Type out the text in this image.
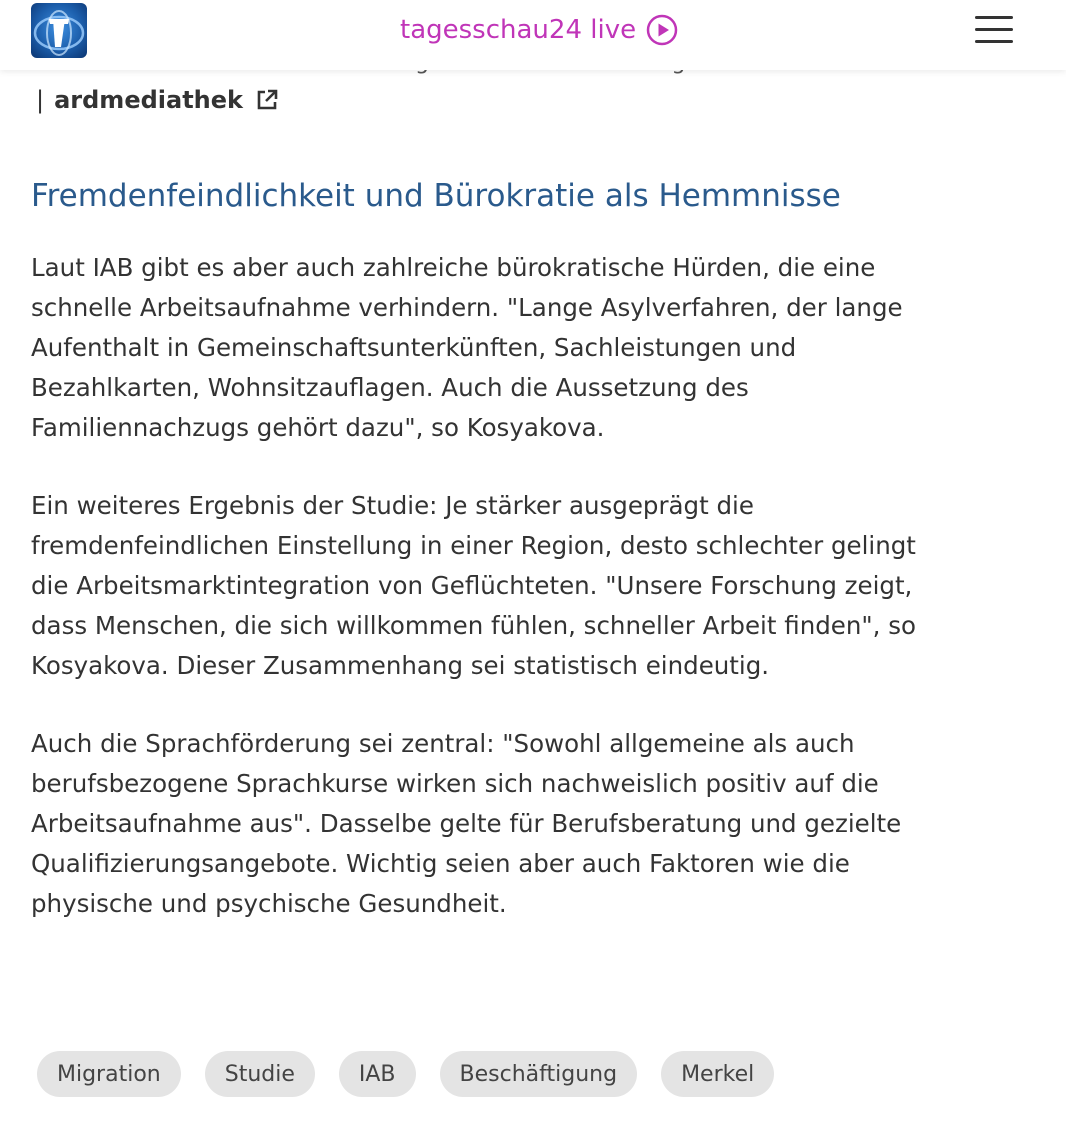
tagesschau24 live
| ardmediathek
Fremdenfeindlichkeit und Bürokratie als Hemmnisse

Laut IAB gibt es aber auch zahlreiche bürokratische Hürden, die eine
schnelle Arbeitsaufnahme verhindern. "Lange Asylverfahren, der lange
Aufenthalt in Gemeinschaftsunterkünften, Sachleistungen und
Bezahlkarten, Wohnsitzauflagen. Auch die Aussetzung des
Familiennachzugs gehört dazu", so Kosyakova.

Ein weiteres Ergebnis der Studie: Je stärker ausgeprägt die
fremdenfeindlichen Einstellung in einer Region, desto schlechter gelingt
die Arbeitsmarktintegration von Geflüchteten. "Unsere Forschung zeigt,
dass Menschen, die sich willkommen fühlen, schneller Arbeit finden", so
Kosyakova. Dieser Zusammenhang sei statistisch eindeutig.

Auch die Sprachförderung sei zentral: "Sowohl allgemeine als auch
berufsbezogene Sprachkurse wirken sich nachweislich positiv auf die
Arbeitsaufnahme aus". Dasselbe gelte für Berufsberatung und gezielte
Qualifizierungsangebote. Wichtig seien aber auch Faktoren wie die
physische und psychische Gesundheit.

Migration	Studie	IAB	Beschäftigung	Merkel
